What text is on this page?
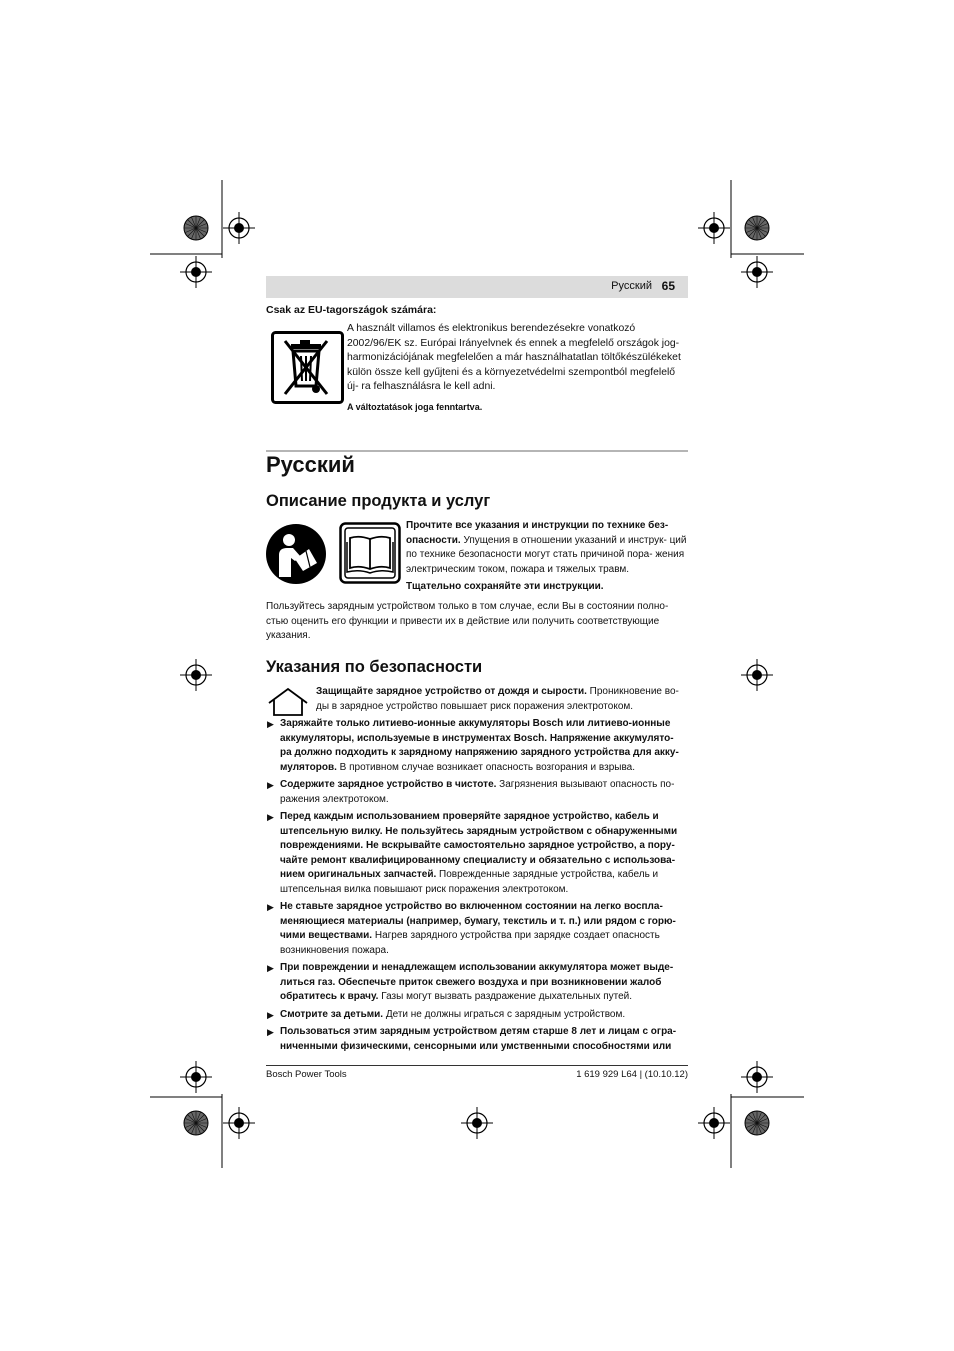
Русский 65
Csak az EU-tagországok számára:
A használt villamos és elektronikus berendezésekre vonatkozó 2002/96/EK sz. Európai Irányelvnek és ennek a megfelelő országok jog- harmonizációjának megfelelően a már használhatatlan töltőkészülékeket külön össze kell gyűjteni és a környezetvédelmi szempontból megfelelő új- ra felhasználásra le kell adni.
A változtatások joga fenntartva.
Русский
Описание продукта и услуг
Прочтите все указания и инструкции по технике без- опасности. Упущения в отношении указаний и инструк- ций по технике безопасности могут стать причиной пора- жения электрическим током, пожара и тяжелых травм.
Тщательно сохраняйте эти инструкции.
Пользуйтесь зарядным устройством только в том случае, если Вы в состоянии полно- стью оценить его функции и привести их в действие или получить соответствующие указания.
Указания по безопасности
Защищайте зарядное устройство от дождя и сырости. Проникновение во- ды в зарядное устройство повышает риск поражения электротоком.
▶ Заряжайте только литиево-ионные аккумуляторы Bosch или литиево-ионные аккумуляторы, используемые в инструментах Bosch. Напряжение аккумулято- ра должно подходить к зарядному напряжению зарядного устройства для акку- муляторов. В противном случае возникает опасность возгорания и взрыва.
▶ Содержите зарядное устройство в чистоте. Загрязнения вызывают опасность по- ражения электротоком.
▶ Перед каждым использованием проверяйте зарядное устройство, кабель и штепсельную вилку. Не пользуйтесь зарядным устройством с обнаруженными повреждениями. Не вскрывайте самостоятельно зарядное устройство, а пору- чайте ремонт квалифицированному специалисту и обязательно с использова- нием оригинальных запчастей. Поврежденные зарядные устройства, кабель и штепсельная вилка повышают риск поражения электротоком.
▶ Не ставьте зарядное устройство во включенном состоянии на легко воспла- меняющиеся материалы (например, бумагу, текстиль и т. п.) или рядом с горю- чими веществами. Нагрев зарядного устройства при зарядке создает опасность возникновения пожара.
▶ При повреждении и ненадлежащем использовании аккумулятора может выде- литься газ. Обеспечьте приток свежего воздуха и при возникновении жалоб обратитесь к врачу. Газы могут вызвать раздражение дыхательных путей.
▶ Смотрите за детьми. Дети не должны играться с зарядным устройством.
▶ Пользоваться этим зарядным устройством детям старше 8 лет и лицам с огра- ниченными физическими, сенсорными или умственными способностями или
Bosch Power Tools	1 619 929 L64 | (10.10.12)
